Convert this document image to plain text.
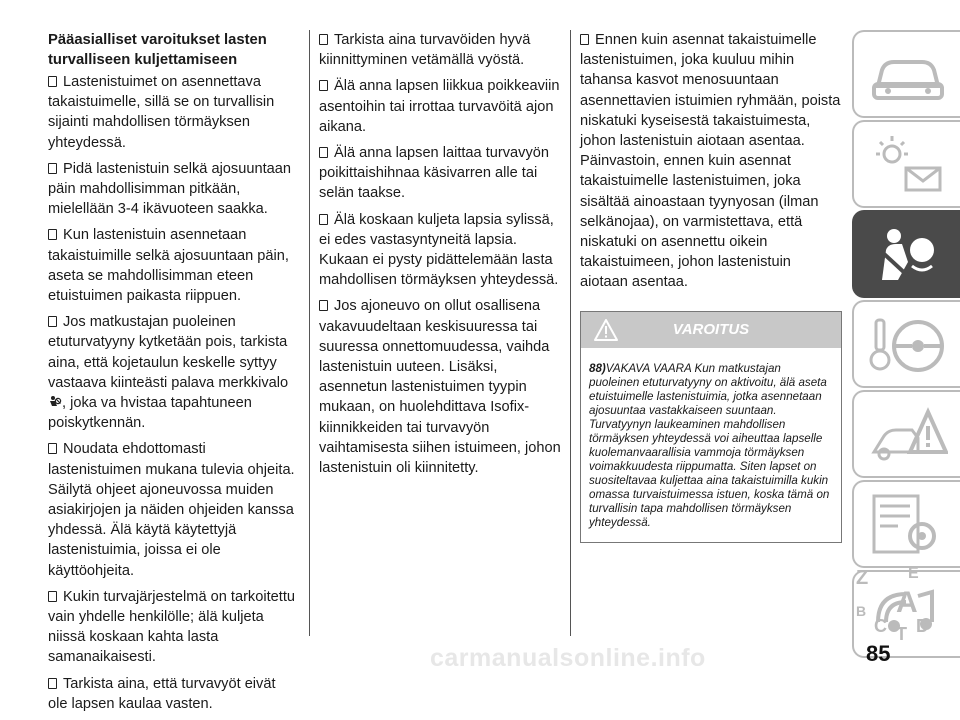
Pääasialliset varoitukset lasten turvalliseen kuljettamiseen

Lastenistuimet on asennettava takaistuimelle, sillä se on turvallisin sijainti mahdollisen törmäyksen yhteydessä.

Pidä lastenistuin selkä ajosuuntaan päin mahdollisimman pitkään, mielellään 3-4 ikävuoteen saakka.

Kun lastenistuin asennetaan takaistuimille selkä ajosuuntaan päin, aseta se mahdollisimman eteen etuistuimen paikasta riippuen.

Jos matkustajan puoleinen etuturvatyyny kytketään pois, tarkista aina, että kojetaulun keskelle syttyy vastaava kiinteästi palava merkkivalo
, joka va hvistaa tapahtuneen poiskytkennän.

Noudata ehdottomasti lastenistuimen mukana tulevia ohjeita. Säilytä ohjeet ajoneuvossa muiden asiakirjojen ja näiden ohjeiden kanssa yhdessä. Älä käytä käytettyjä lastenistuimia, joissa ei ole käyttöohjeita.

Kukin turvajärjestelmä on tarkoitettu vain yhdelle henkilölle; älä kuljeta niissä koskaan kahta lasta samanaikaisesti.

Tarkista aina, että turvavyöt eivät ole lapsen kaulaa vasten.

Tarkista aina turvavöiden hyvä kiinnittyminen vetämällä vyöstä.

Älä anna lapsen liikkua poikkeaviin asentoihin tai irrottaa turvavöitä ajon aikana.

Älä anna lapsen laittaa turvavyön poikittaishihnaa käsivarren alle tai selän taakse.

Älä koskaan kuljeta lapsia sylissä, ei edes vastasyntyneitä lapsia. Kukaan ei pysty pidättelemään lasta mahdollisen törmäyksen yhteydessä.

Jos ajoneuvo on ollut osallisena vakavuudeltaan keskisuuressa tai suuressa onnettomuudessa, vaihda lastenistuin uuteen. Lisäksi, asennetun lastenistuimen tyypin mukaan, on huolehdittava Isofix-kiinnikkeiden tai turvavyön vaihtamisesta siihen istuimeen, johon lastenistuin oli kiinnitetty.

Ennen kuin asennat takaistuimelle lastenistuimen, joka kuuluu mihin tahansa kasvot menosuuntaan asennettavien istuimien ryhmään, poista niskatuki kyseisestä takaistuimesta, johon lastenistuin aiotaan asentaa. Päinvastoin, ennen kuin asennat takaistuimelle lastenistuimen, joka sisältää ainoastaan tyynyosan (ilman selkänojaa), on varmistettava, että niskatuki on asennettu oikein takaistuimeen, johon lastenistuin aiotaan asentaa.

VAROITUS
88)VAKAVA VAARA Kun matkustajan puoleinen etuturvatyyny on aktivoitu, älä aseta etuistuimelle lastenistuimia, jotka asennetaan ajosuuntaa vastakkaiseen suuntaan. Turvatyynyn laukeaminen mahdollisen törmäyksen yhteydessä voi aiheuttaa lapselle kuolemanvaarallisia vammoja törmäyksen voimakkuudesta riippumatta. Siten lapset on suositeltavaa kuljettaa aina takaistuimilla kukin omassa turvaistuimessa istuen, koska tämä on turvallisin tapa mahdollisen törmäyksen yhteydessä.
Z E
B A
C D
T
carmanualsonline.info	85
